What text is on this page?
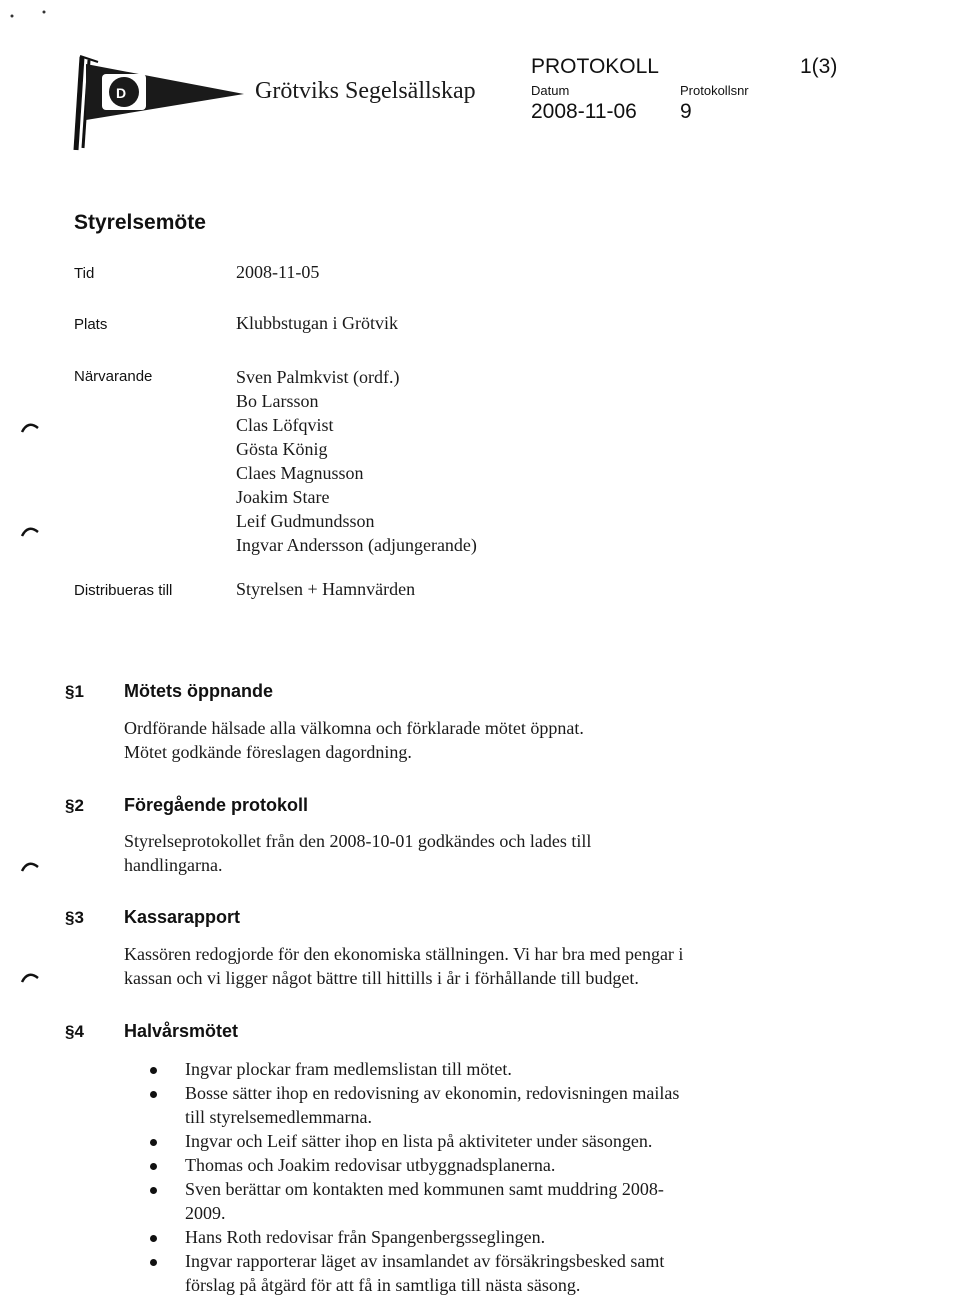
D	Grötviks Segelsällskap
PROTOKOLL	1(3)
Datum	Protokollsnr
2008-11-06 9
Styrelsemöte
Tid	2008-11-05
Plats	Klubbstugan i Grötvik
Närvarande	Sven Palmkvist (ordf.)
Bo Larsson
Clas Löfqvist
Gösta König
Claes Magnusson
Joakim Stare
Leif Gudmundsson
Ingvar Andersson (adjungerande)
Distribueras till	Styrelsen + Hamnvärden
§1 Mötets öppnande

Ordförande hälsade alla välkomna och förklarade mötet öppnat.
Mötet godkände föreslagen dagordning.

§2 Föregående protokoll

Styrelseprotokollet från den 2008-10-01 godkändes och lades till
handlingarna.

§3 Kassarapport

Kassören redogjorde för den ekonomiska ställningen. Vi har bra med pengar i
kassan och vi ligger något bättre till hittills i år i förhållande till budget.

§4 Halvårsmötet
Ingvar plockar fram medlemslistan till mötet.
Bosse sätter ihop en redovisning av ekonomin, redovisningen mailas
till styrelsemedlemmarna.
Ingvar och Leif sätter ihop en lista på aktiviteter under säsongen.
Thomas och Joakim redovisar utbyggnadsplanerna.
Sven berättar om kontakten med kommunen samt muddring 2008-
2009.
Hans Roth redovisar från Spangenbergsseglingen.
Ingvar rapporterar läget av insamlandet av försäkringsbesked samt
förslag på åtgärd för att få in samtliga till nästa säsong.
